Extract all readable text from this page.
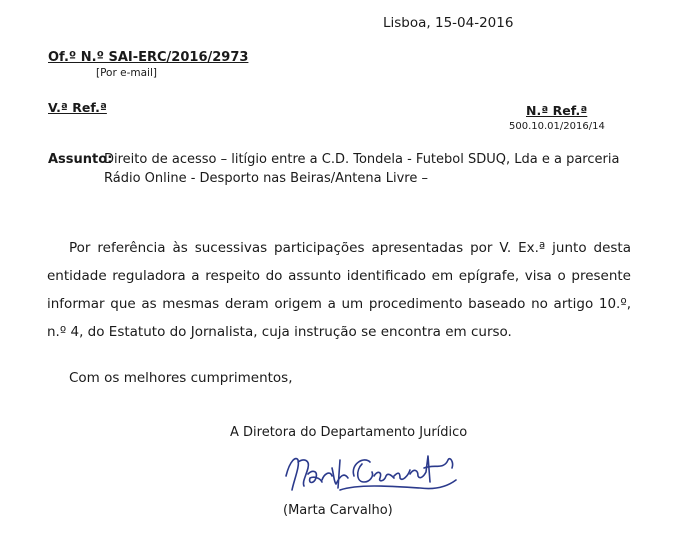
Lisboa, 15-04-2016
Of.º N.º SAI-ERC/2016/2973
[Por e-mail]
V.ª Ref.ª	N.ª Ref.ª
500.10.01/2016/14
Assunto:
Direito de acesso – litígio entre a C.D. Tondela - Futebol SDUQ, Lda e a parceria Rádio Online - Desporto nas Beiras/Antena Livre –
Por referência às sucessivas participações apresentadas por V. Ex.ª junto desta entidade reguladora a respeito do assunto identificado em epígrafe, visa o presente informar que as mesmas deram origem a um procedimento baseado no artigo 10.º, n.º 4, do Estatuto do Jornalista, cuja instrução se encontra em curso.
Com os melhores cumprimentos,
A Diretora do Departamento Jurídico
(Marta Carvalho)
